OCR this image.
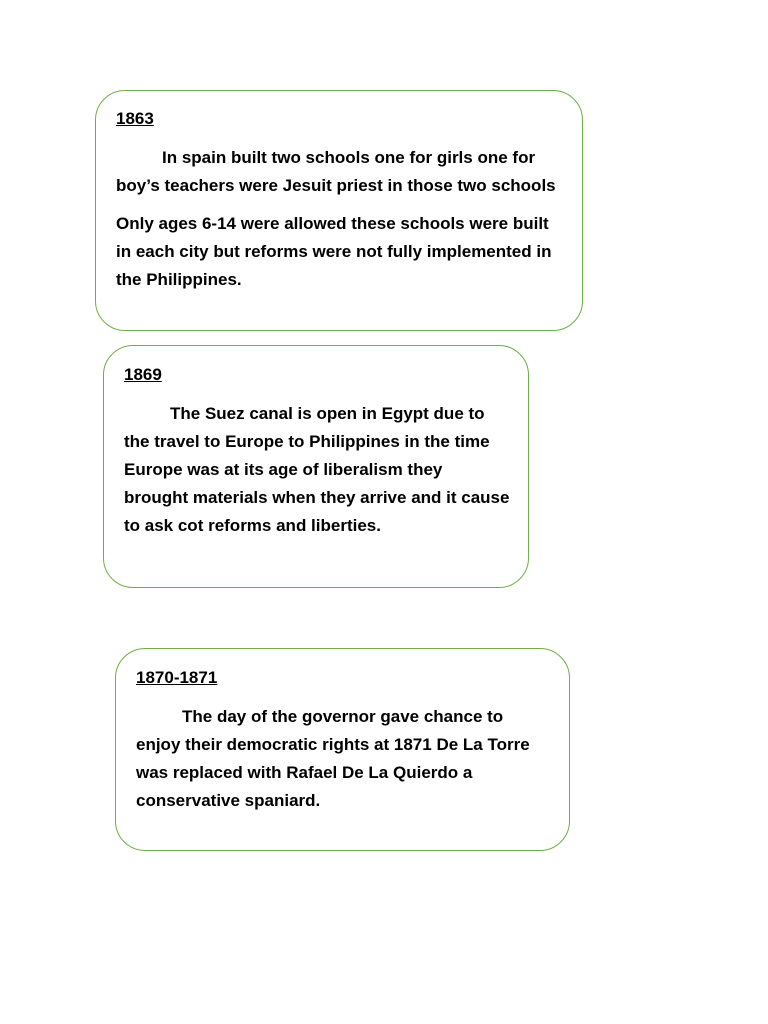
1863

In spain built two schools one for girls one for boy’s teachers were Jesuit priest in those two schools

Only ages 6-14 were allowed these schools were built in each city but reforms were not fully implemented in the Philippines.

1869

The Suez canal is open in Egypt due to the travel to Europe to Philippines in the time Europe was at its age of liberalism they brought materials when they arrive and it cause to ask cot reforms and liberties.

1870-1871

The day of the governor gave chance to enjoy their democratic rights at 1871 De La Torre was replaced with Rafael De La Quierdo a conservative spaniard.
